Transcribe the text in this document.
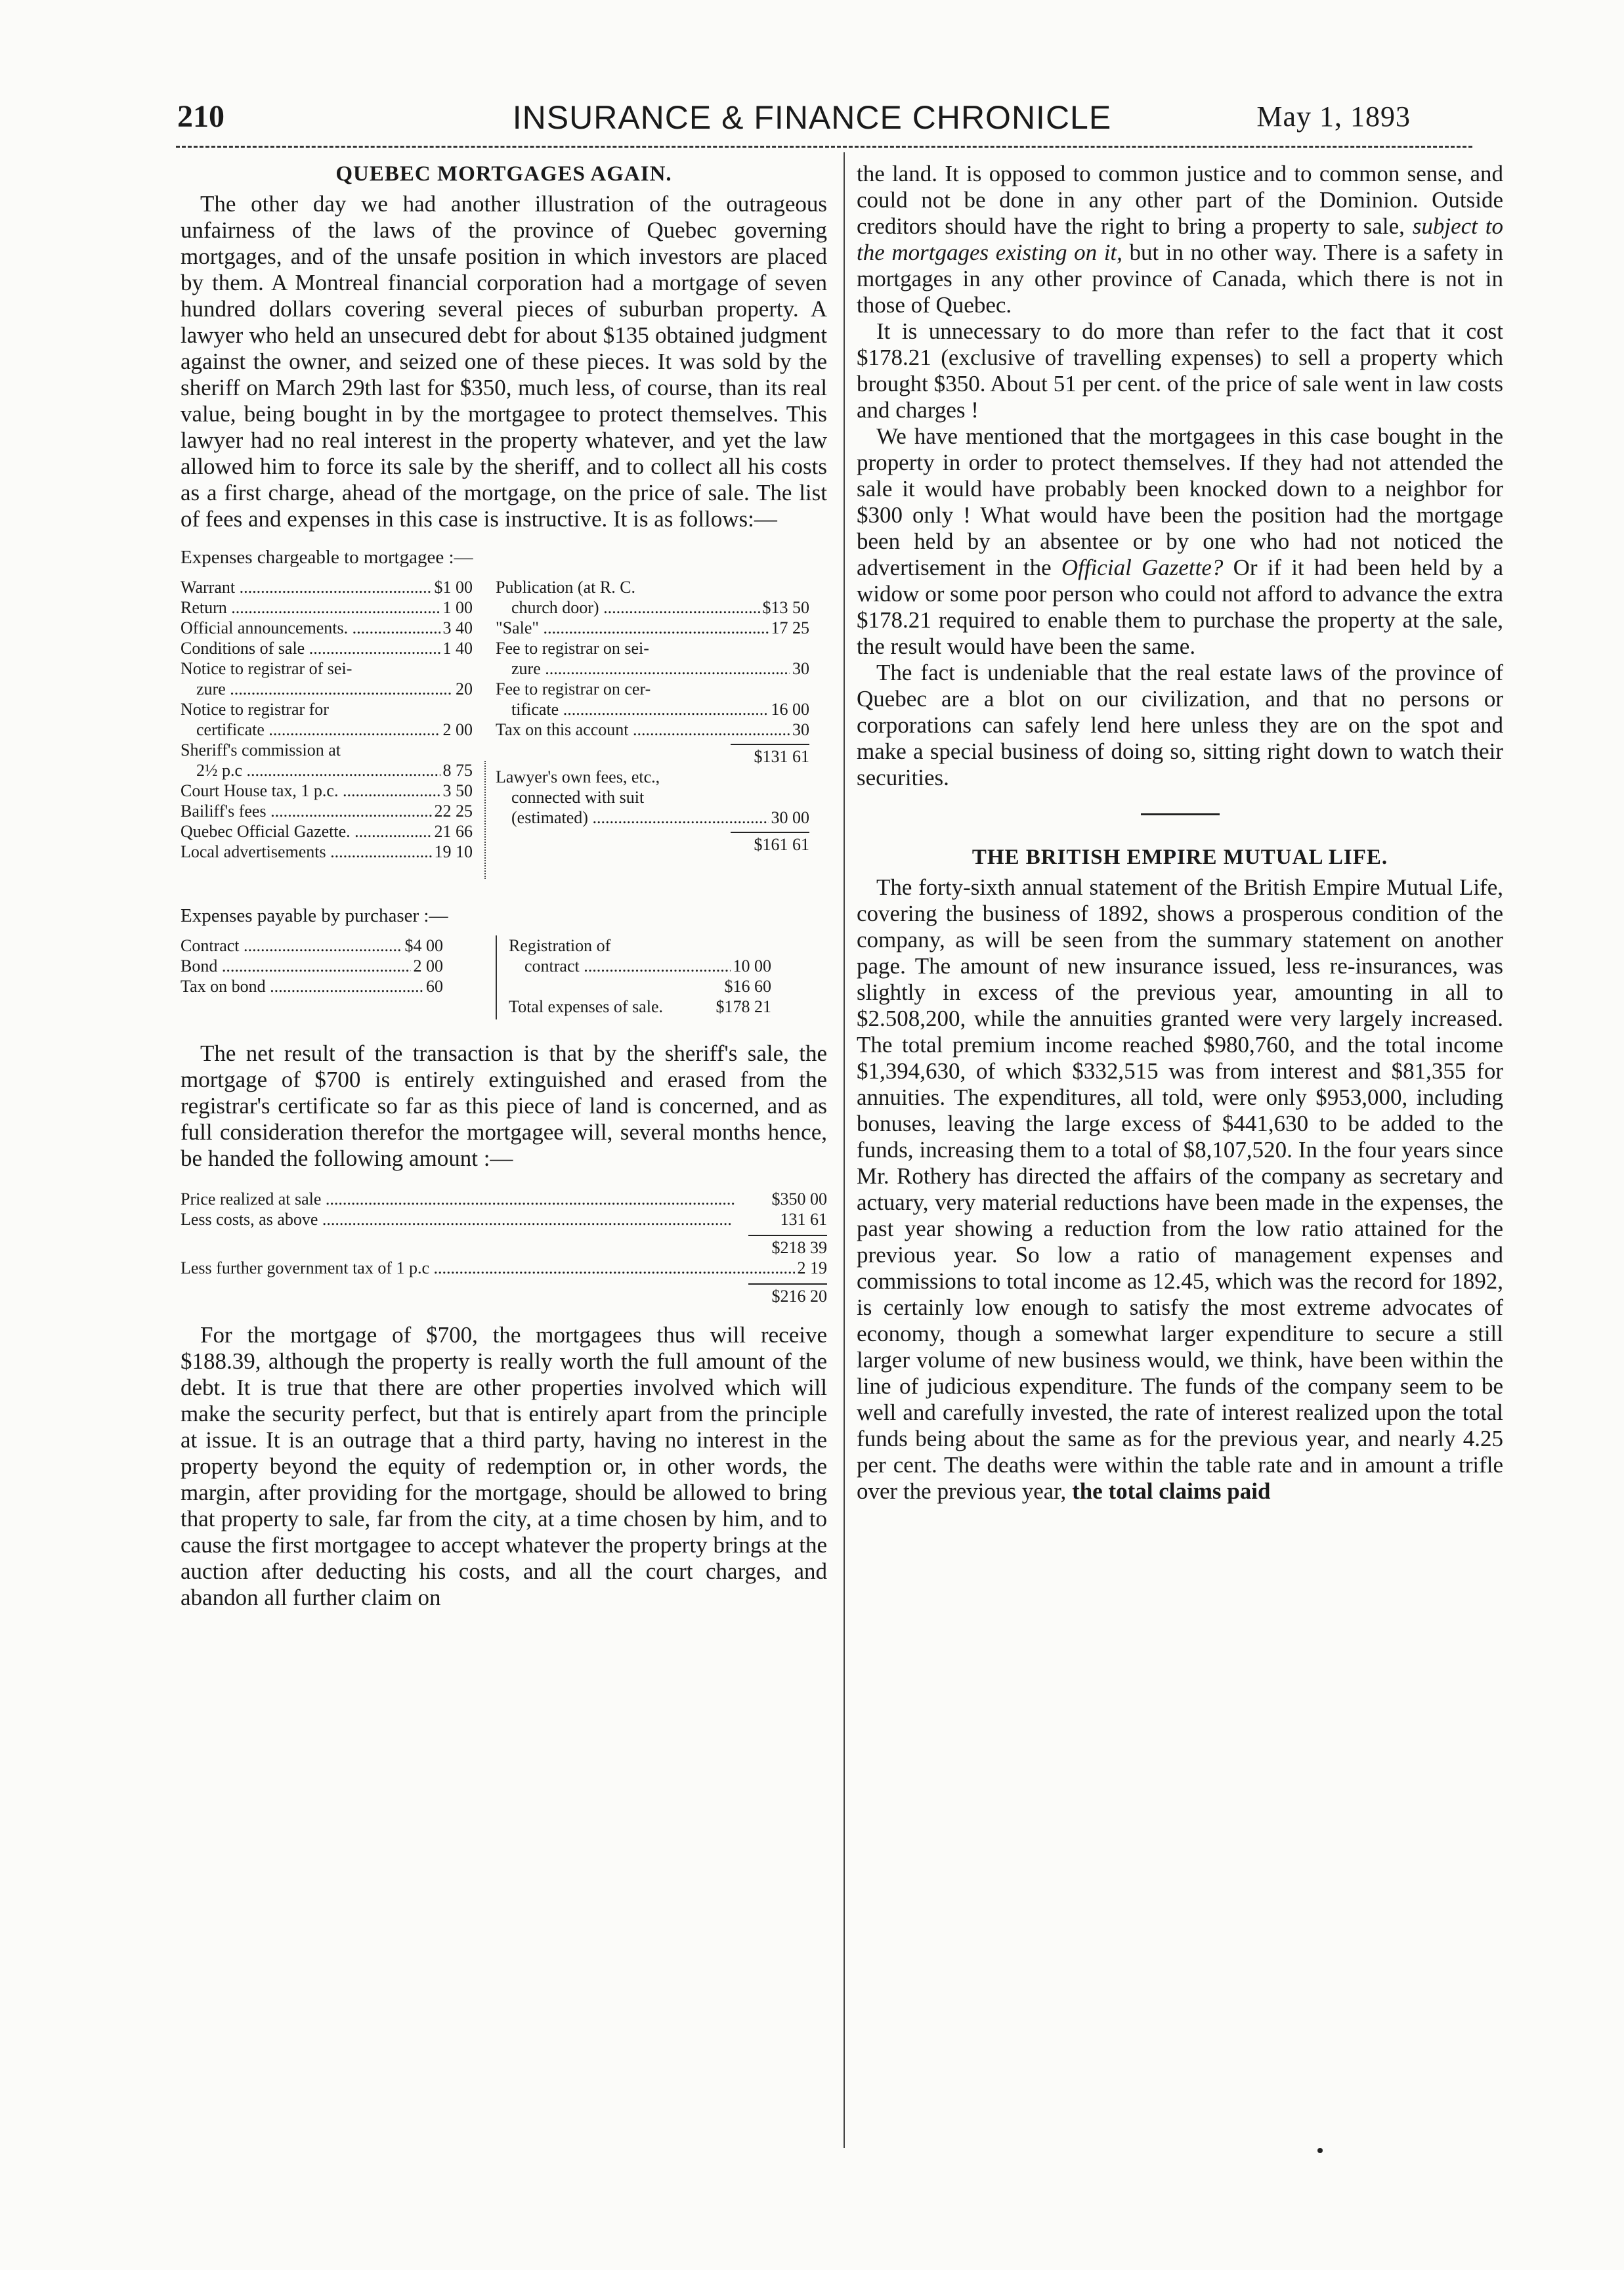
210	INSURANCE & FINANCE CHRONICLE	May 1, 1893
QUEBEC MORTGAGES AGAIN.

The other day we had another illustration of the outrageous unfairness of the laws of the province of Quebec governing mortgages, and of the unsafe position in which investors are placed by them. A Montreal financial corporation had a mortgage of seven hundred dollars covering several pieces of suburban property. A lawyer who held an unsecured debt for about $135 obtained judgment against the owner, and seized one of these pieces. It was sold by the sheriff on March 29th last for $350, much less, of course, than its real value, being bought in by the mortgagee to protect themselves. This lawyer had no real interest in the property whatever, and yet the law allowed him to force its sale by the sheriff, and to collect all his costs as a first charge, ahead of the mortgage, on the price of sale. The list of fees and expenses in this case is instructive. It is as follows:—

Expenses chargeable to mortgagee :—
Warrant .....	$1 00
Return .....	1 00
Official announcements. .....	3 40
Conditions of sale .....	1 40
Notice to registrar of sei-
zure .....	20
Notice to registrar for
certificate .....	2 00
Sheriff's commission at
2½ p.c .....	8 75
Court House tax, 1 p.c. .....	3 50
Bailiff's fees .....	22 25
Quebec Official Gazette. .....	21 66
Local advertisements .....	19 10
Publication (at R. C.
church door) .....	$13 50
"Sale" .....	17 25
Fee to registrar on sei-
zure .....	30
Fee to registrar on cer-
tificate .....	16 00
Tax on this account .....	30
$131 61
Lawyer's own fees, etc.,
connected with suit
(estimated) .....	30 00
$161 61
Expenses payable by purchaser :—
Contract .....	$4 00
Bond .....	2 00
Tax on bond .....	60
Registration of
contract .....	10 00
$16 60
Total expenses of sale.	$178 21

The net result of the transaction is that by the sheriff's sale, the mortgage of $700 is entirely extinguished and erased from the registrar's certificate so far as this piece of land is concerned, and as full consideration therefor the mortgagee will, several months hence, be handed the following amount :—

Price realized at sale .....	$350 00
Less costs, as above .....	131 61
$218 39
Less further government tax of 1 p.c .....	2 19
$216 20

For the mortgage of $700, the mortgagees thus will receive $188.39, although the property is really worth the full amount of the debt. It is true that there are other properties involved which will make the security perfect, but that is entirely apart from the principle at issue. It is an outrage that a third party, having no interest in the property beyond the equity of redemption or, in other words, the margin, after providing for the mortgage, should be allowed to bring that property to sale, far from the city, at a time chosen by him, and to cause the first mortgagee to accept whatever the property brings at the auction after deducting his costs, and all the court charges, and abandon all further claim on

the land. It is opposed to common justice and to common sense, and could not be done in any other part of the Dominion. Outside creditors should have the right to bring a property to sale, subject to the mortgages existing on it, but in no other way. There is a safety in mortgages in any other province of Canada, which there is not in those of Quebec.

It is unnecessary to do more than refer to the fact that it cost $178.21 (exclusive of travelling expenses) to sell a property which brought $350. About 51 per cent. of the price of sale went in law costs and charges !

We have mentioned that the mortgagees in this case bought in the property in order to protect themselves. If they had not attended the sale it would have probably been knocked down to a neighbor for $300 only ! What would have been the position had the mortgage been held by an absentee or by one who had not noticed the advertisement in the Official Gazette? Or if it had been held by a widow or some poor person who could not afford to advance the extra $178.21 required to enable them to purchase the property at the sale, the result would have been the same.

The fact is undeniable that the real estate laws of the province of Quebec are a blot on our civilization, and that no persons or corporations can safely lend here unless they are on the spot and make a special business of doing so, sitting right down to watch their securities.

THE BRITISH EMPIRE MUTUAL LIFE.

The forty-sixth annual statement of the British Empire Mutual Life, covering the business of 1892, shows a prosperous condition of the company, as will be seen from the summary statement on another page. The amount of new insurance issued, less re-insurances, was slightly in excess of the previous year, amounting in all to $2.508,200, while the annuities granted were very largely increased. The total premium income reached $980,760, and the total income $1,394,630, of which $332,515 was from interest and $81,355 for annuities. The expenditures, all told, were only $953,000, including bonuses, leaving the large excess of $441,630 to be added to the funds, increasing them to a total of $8,107,520. In the four years since Mr. Rothery has directed the affairs of the company as secretary and actuary, very material reductions have been made in the expenses, the past year showing a reduction from the low ratio attained for the previous year. So low a ratio of management expenses and commissions to total income as 12.45, which was the record for 1892, is certainly low enough to satisfy the most extreme advocates of economy, though a somewhat larger expenditure to secure a still larger volume of new business would, we think, have been within the line of judicious expenditure. The funds of the company seem to be well and carefully invested, the rate of interest realized upon the total funds being about the same as for the previous year, and nearly 4.25 per cent. The deaths were within the table rate and in amount a trifle over the previous year, the total claims paid
